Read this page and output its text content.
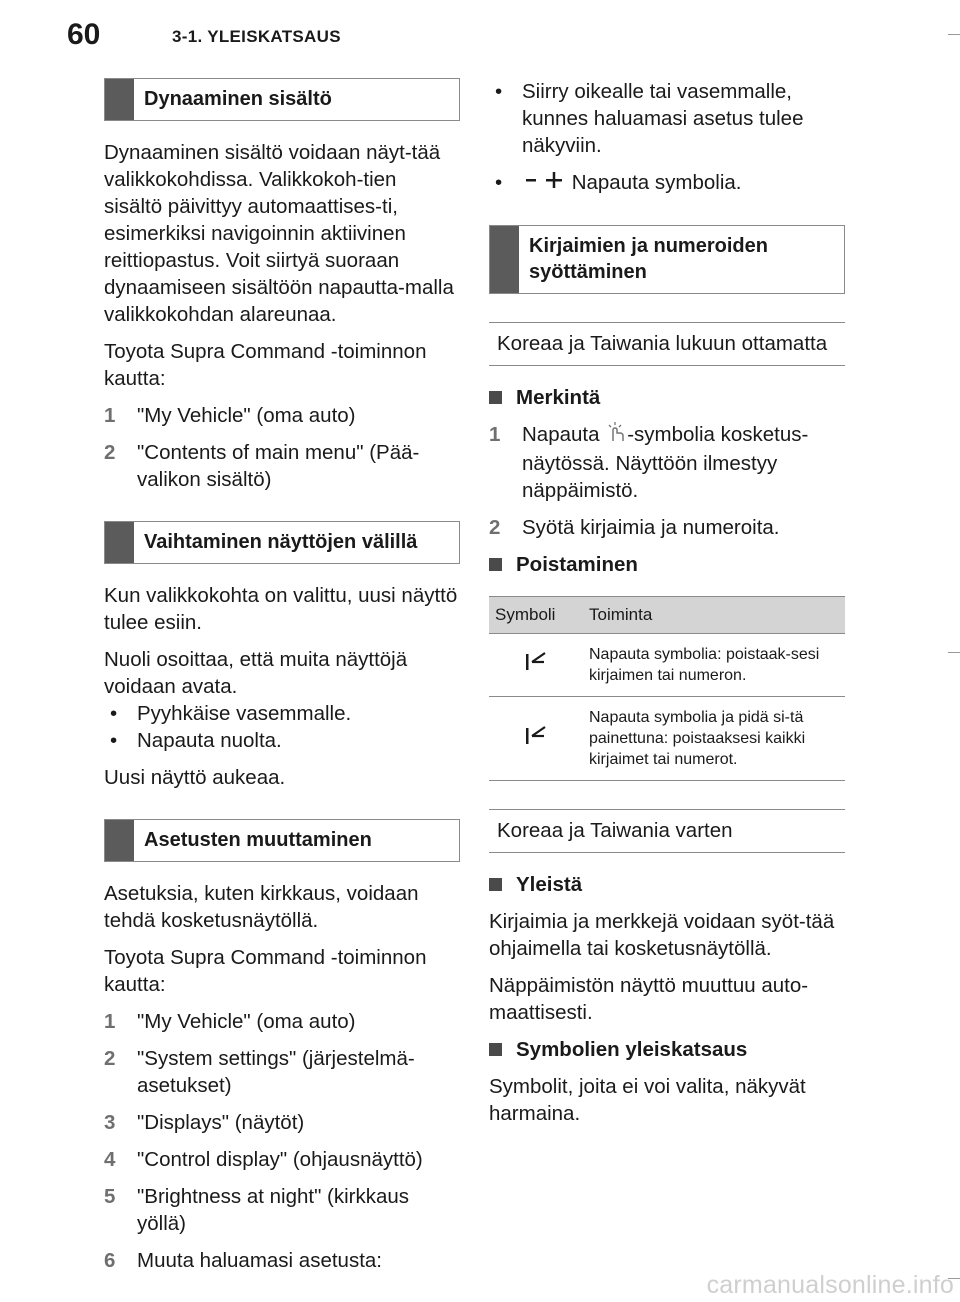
60	3-1. YLEISKATSAUS
Dynaaminen sisältö

Dynaaminen sisältö voidaan näyt-tää valikkokohdissa. Valikkokoh-tien sisältö päivittyy automaattises-ti, esimerkiksi navigoinnin aktiivinen reittiopastus. Voit siirtyä suoraan dynaamiseen sisältöön napautta-malla valikkokohdan alareunaa.

Toyota Supra Command -toiminnon kautta:

1	"My Vehicle" (oma auto)
2	"Contents of main menu" (Pää-valikon sisältö)
Vaihtaminen näyttöjen välillä

Kun valikkokohta on valittu, uusi näyttö tulee esiin.

Nuoli osoittaa, että muita näyttöjä voidaan avata.

• Pyyhkäise vasemmalle.
• Napauta nuolta.

Uusi näyttö aukeaa.

Asetusten muuttaminen

Asetuksia, kuten kirkkaus, voidaan tehdä kosketusnäytöllä.

Toyota Supra Command -toiminnon kautta:

1	"My Vehicle" (oma auto)
2	"System settings" (järjestelmä-asetukset)
3	"Displays" (näytöt)
4	"Control display" (ohjausnäyttö)
5	"Brightness at night" (kirkkaus yöllä)
6	Muuta haluamasi asetusta:
• Siirry oikealle tai vasemmalle, kunnes haluamasi asetus tulee näkyviin.
•	Napauta symbolia.
Kirjaimien ja numeroiden syöttäminen
Koreaa ja Taiwania lukuun ottamatta
Merkintä
1	Napauta -symbolia kosketus-näytössä. Näyttöön ilmestyy näppäimistö.
2	Syötä kirjaimia ja numeroita.
Poistaminen
Symboli	Toiminta
	Napauta symbolia: poistaak-sesi kirjaimen tai numeron.
	Napauta symbolia ja pidä si-tä painettuna: poistaaksesi kaikki kirjaimet tai numerot.
Koreaa ja Taiwania varten
Yleistä

Kirjaimia ja merkkejä voidaan syöt-tää ohjaimella tai kosketusnäytöllä.

Näppäimistön näyttö muuttuu auto-maattisesti.

Symbolien yleiskatsaus

Symbolit, joita ei voi valita, näkyvät harmaina.

carmanualsonline.info
